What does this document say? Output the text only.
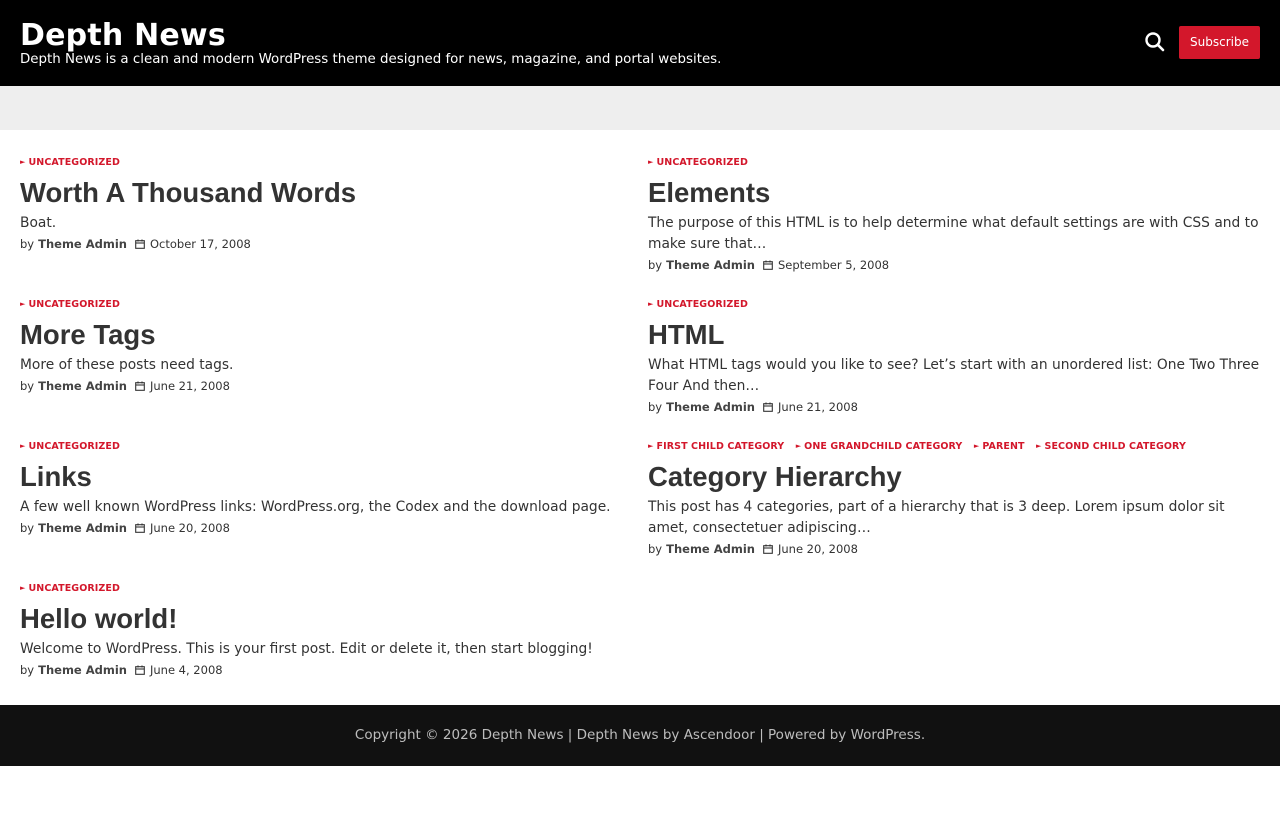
Depth News
Depth News is a clean and modern WordPress theme designed for news, magazine, and portal websites.
Subscribe
► UNCATEGORIZED
Worth A Thousand Words
Boat.
by Theme Admin October 17, 2008
► UNCATEGORIZED
Elements
The purpose of this HTML is to help determine what default settings are with CSS and to make sure that…
by Theme Admin September 5, 2008
► UNCATEGORIZED
More Tags
More of these posts need tags.
by Theme Admin June 21, 2008
► UNCATEGORIZED
HTML
What HTML tags would you like to see? Let’s start with an unordered list: One Two Three Four And then…
by Theme Admin June 21, 2008
► UNCATEGORIZED
Links
A few well known WordPress links: WordPress.org, the Codex and the download page.
by Theme Admin June 20, 2008
► FIRST CHILD CATEGORY ► ONE GRANDCHILD CATEGORY ► PARENT ► SECOND CHILD CATEGORY
Category Hierarchy
This post has 4 categories, part of a hierarchy that is 3 deep. Lorem ipsum dolor sit amet, consectetuer adipiscing…
by Theme Admin June 20, 2008
► UNCATEGORIZED
Hello world!
Welcome to WordPress. This is your first post. Edit or delete it, then start blogging!
by Theme Admin June 4, 2008
Copyright © 2026 Depth News | Depth News by Ascendoor | Powered by WordPress.
